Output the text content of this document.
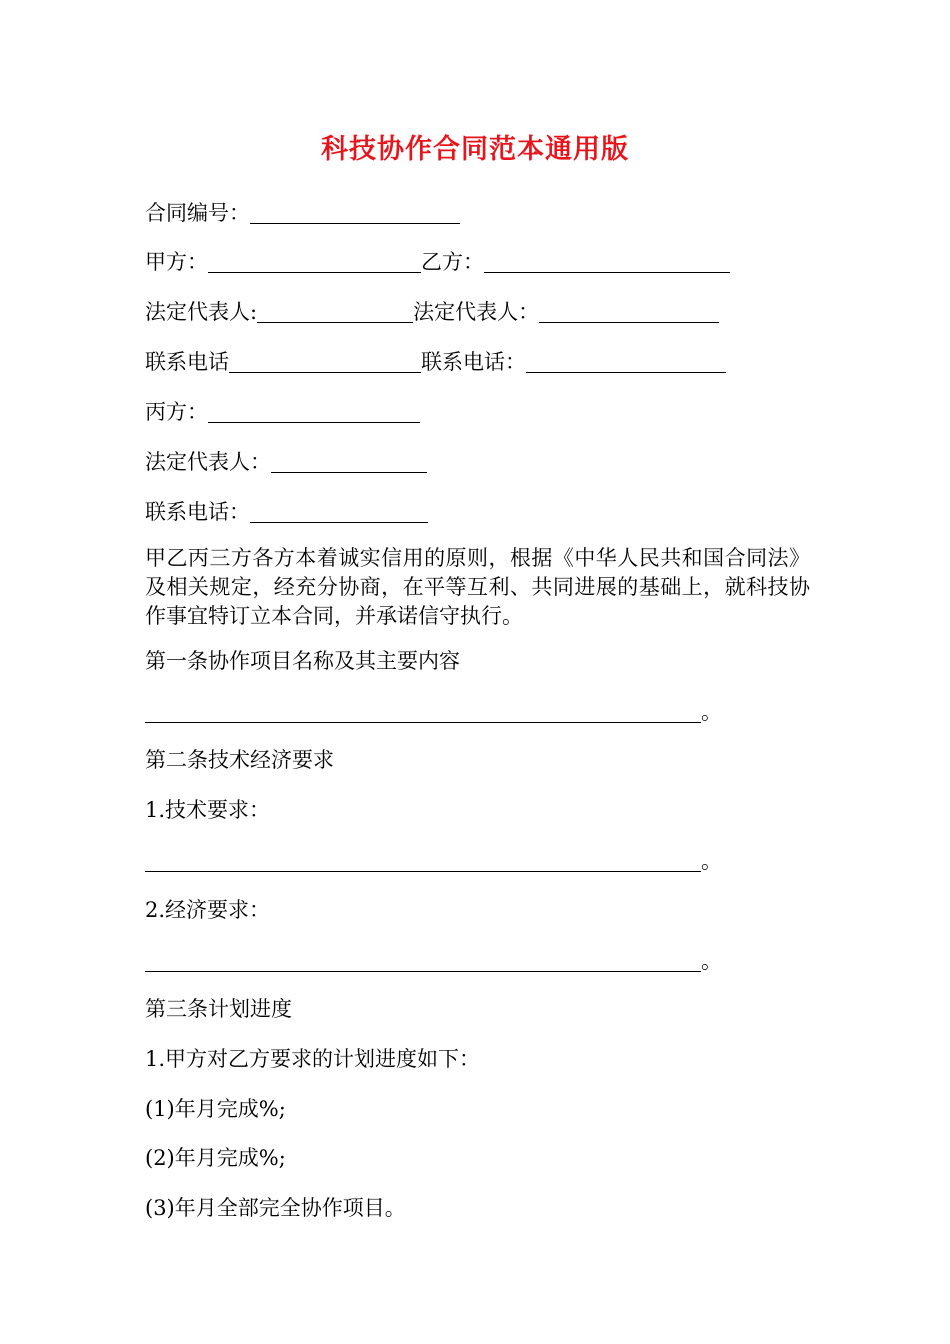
科技协作合同范本通用版
合同编号：
甲方：	乙方：
法定代表人:	法定代表人：
联系电话	联系电话：
丙方：
法定代表人：
联系电话：
甲乙丙三方各方本着诚实信用的原则，根据《中华人民共和国合同法》及相关规定，经充分协商，在平等互利、共同进展的基础上，就科技协作事宜特订立本合同，并承诺信守执行。
第一条协作项目名称及其主要内容
。
第二条技术经济要求
1.技术要求：
。
2.经济要求：
。
第三条计划进度
1.甲方对乙方要求的计划进度如下：
(1)年月完成%;
(2)年月完成%;
(3)年月全部完全协作项目。
